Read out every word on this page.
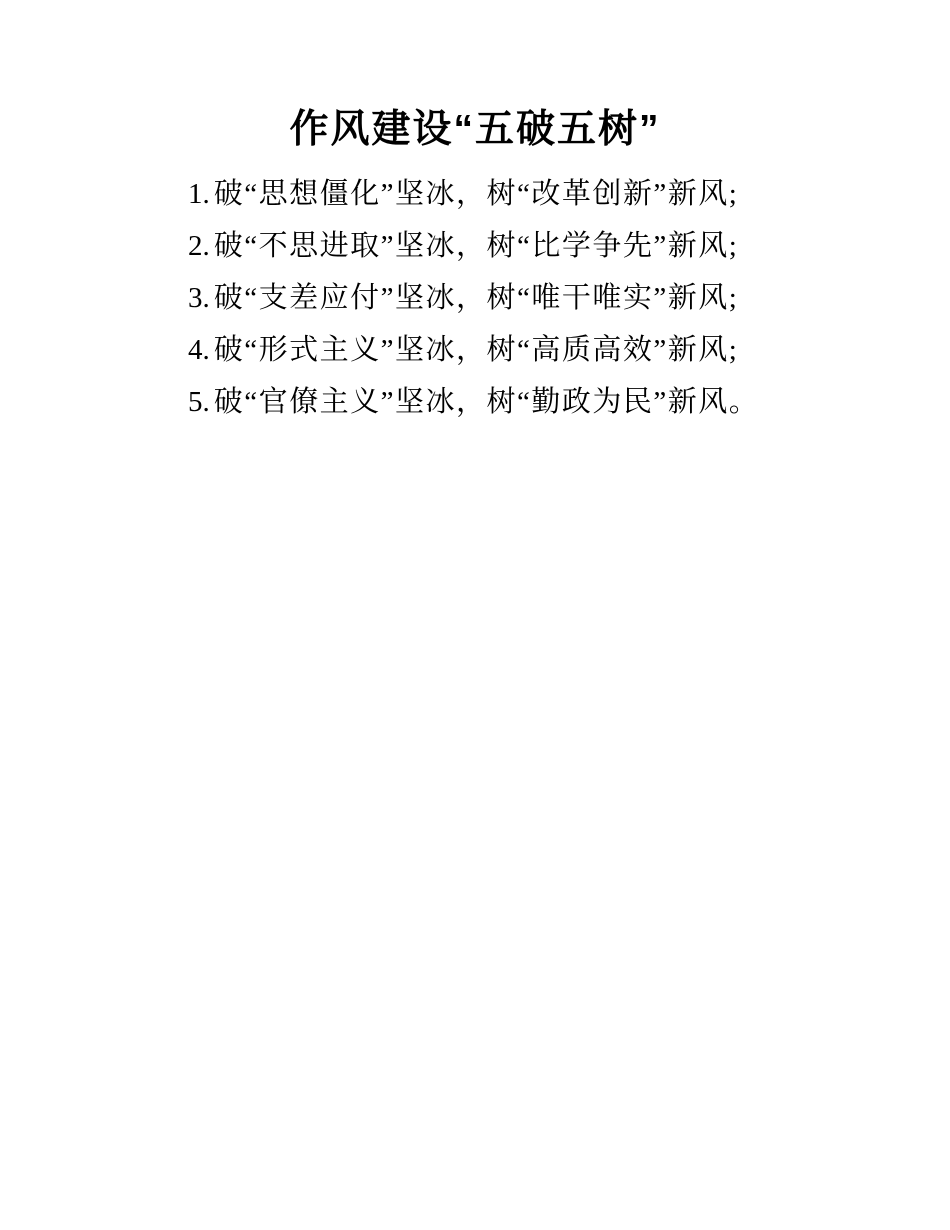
作风建设“五破五树”
1. 破“思想僵化”坚冰，树“改革创新”新风;
2. 破“不思进取”坚冰，树“比学争先”新风;
3. 破“支差应付”坚冰，树“唯干唯实”新风;
4. 破“形式主义”坚冰，树“高质高效”新风;
5. 破“官僚主义”坚冰，树“勤政为民”新风。
